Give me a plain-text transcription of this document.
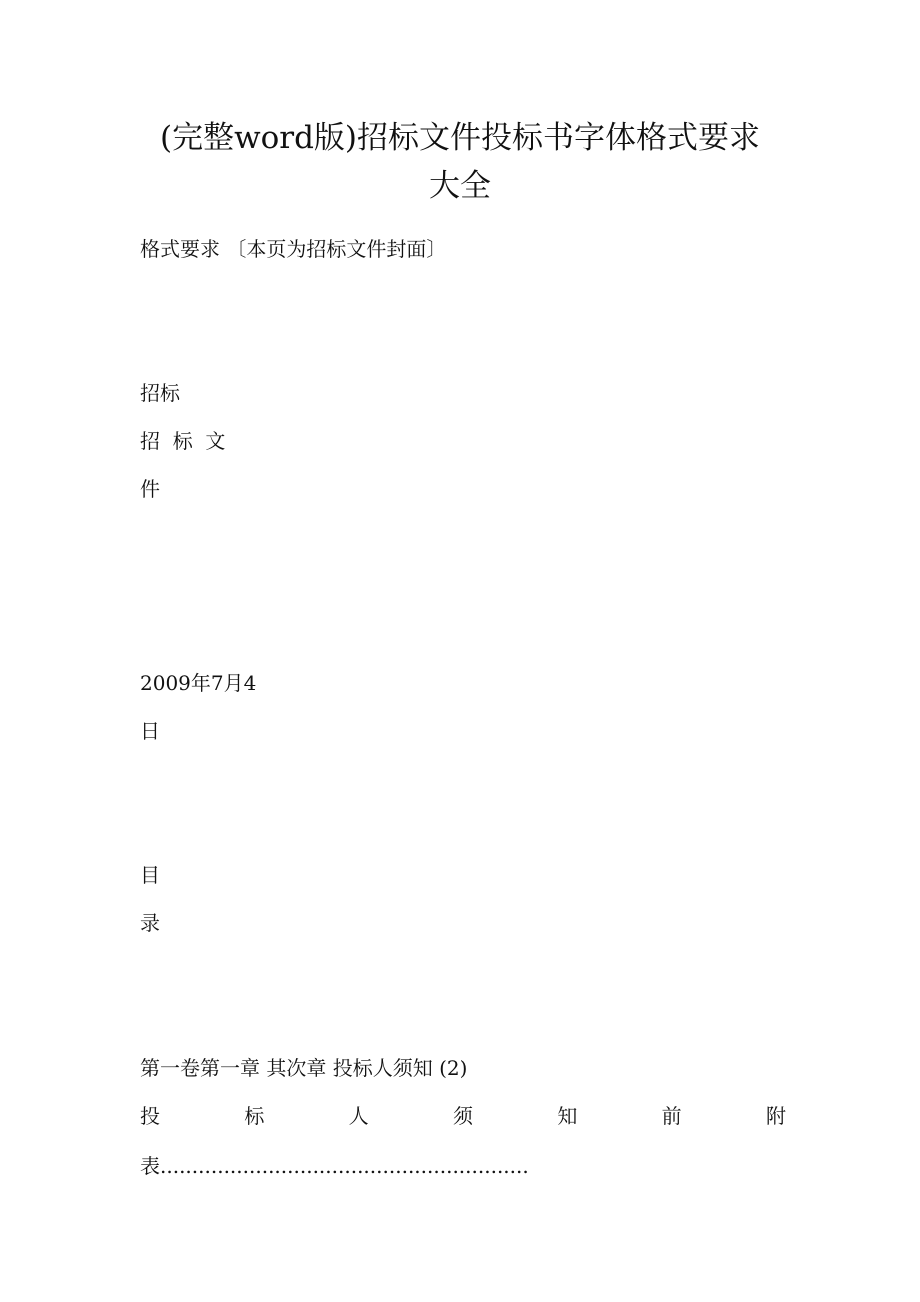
(完整word版)招标文件投标书字体格式要求
大全
格式要求 〔本页为招标文件封面〕
招标
招  标  文
件
2009年7月4
日
目
录
第一卷第一章 其次章 投标人须知 (2)
投	标	人	须	知	前	附
表..........................................................
